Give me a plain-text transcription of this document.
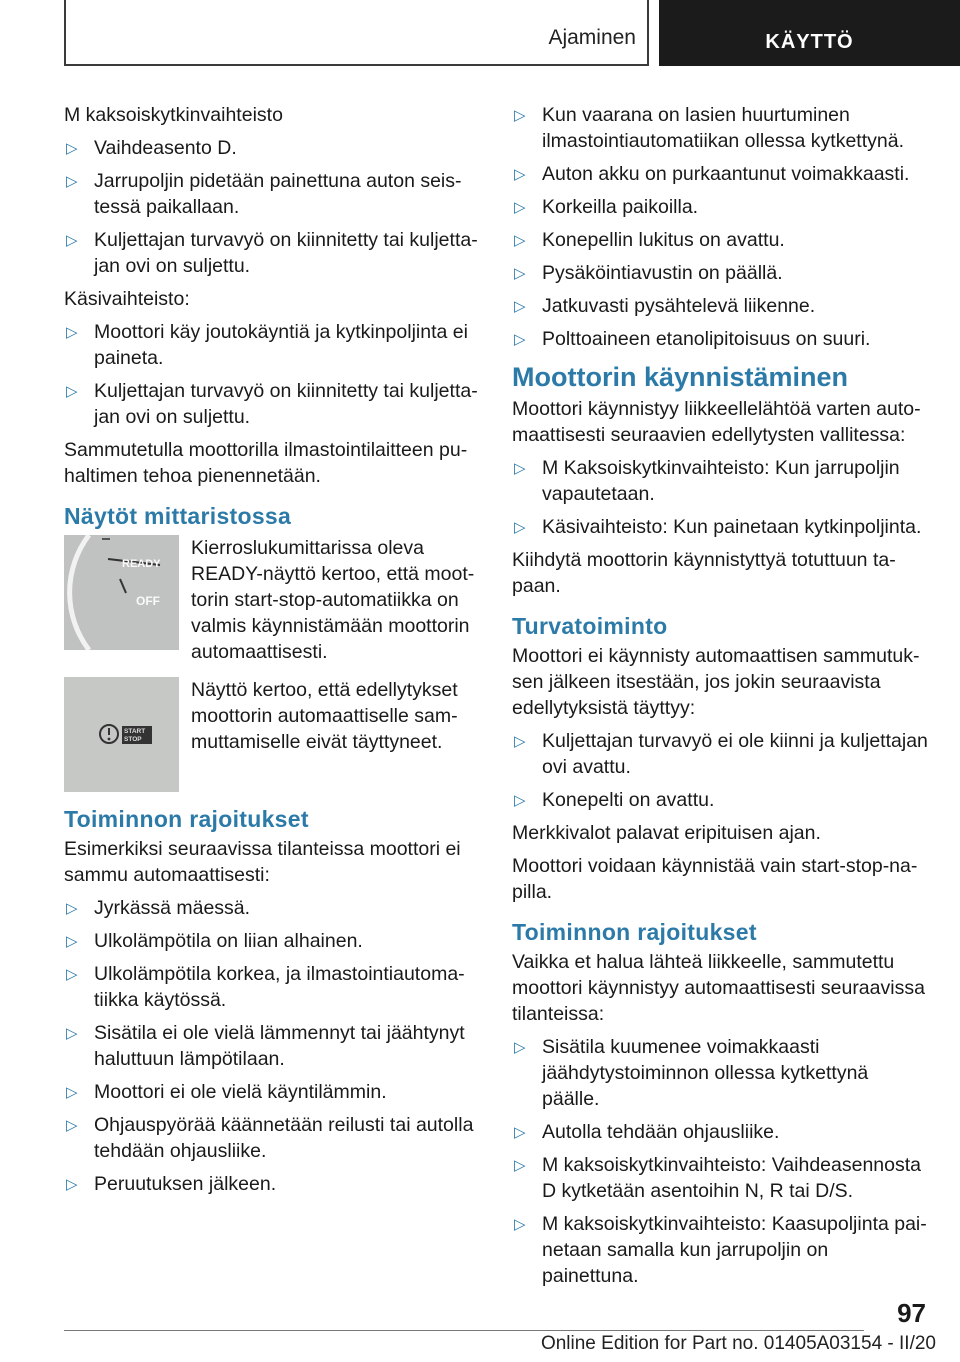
Ajaminen	KÄYTTÖ

M kaksoiskytkinvaihteisto

▷ Vaihdeasento D.
▷ Jarrupoljin pidetään painettuna auton seistessä paikallaan.
▷ Kuljettajan turvavyö on kiinnitetty tai kuljettajan ovi on suljettu.

Käsivaihteisto:

▷ Moottori käy joutokäyntiä ja kytkinpoljinta ei paineta.
▷ Kuljettajan turvavyö on kiinnitetty tai kuljettajan ovi on suljettu.

Sammutetulla moottorilla ilmastointilaitteen puhaltimen tehoa pienennetään.

Näytöt mittaristossa
READY
OFF
Kierroslukumittarissa oleva READY-näyttö kertoo, että moottorin start-stop-automatiikka on valmis käynnistämään moottorin automaattisesti.
START
STOP
Näyttö kertoo, että edellytykset moottorin automaattiselle sammuttamiselle eivät täyttyneet.
Toiminnon rajoitukset

Esimerkiksi seuraavissa tilanteissa moottori ei sammu automaattisesti:

▷ Jyrkässä mäessä.
▷ Ulkolämpötila on liian alhainen.
▷ Ulkolämpötila korkea, ja ilmastointiautomatiikka käytössä.
▷ Sisätila ei ole vielä lämmennyt tai jäähtynyt haluttuun lämpötilaan.
▷ Moottori ei ole vielä käyntilämmin.
▷ Ohjauspyörää käännetään reilusti tai autolla tehdään ohjausliike.
▷ Peruutuksen jälkeen.
▷ Kun vaarana on lasien huurtuminen ilmastointiautomatiikan ollessa kytkettynä.
▷ Auton akku on purkaantunut voimakkaasti.
▷ Korkeilla paikoilla.
▷ Konepellin lukitus on avattu.
▷ Pysäköintiavustin on päällä.
▷ Jatkuvasti pysähtelevä liikenne.
▷ Polttoaineen etanolipitoisuus on suuri.
Moottorin käynnistäminen

Moottori käynnistyy liikkeellelähtöä varten automaattisesti seuraavien edellytysten vallitessa:

▷ M Kaksoiskytkinvaihteisto: Kun jarrupoljin vapautetaan.
▷ Käsivaihteisto: Kun painetaan kytkinpoljinta.

Kiihdytä moottorin käynnistyttyä totuttuun tapaan.

Turvatoiminto

Moottori ei käynnisty automaattisen sammutuksen jälkeen itsestään, jos jokin seuraavista edellytyksistä täyttyy:

▷ Kuljettajan turvavyö ei ole kiinni ja kuljettajan ovi avattu.
▷ Konepelti on avattu.

Merkkivalot palavat eripituisen ajan.

Moottori voidaan käynnistää vain start-stop-napilla.

Toiminnon rajoitukset

Vaikka et halua lähteä liikkeelle, sammutettu moottori käynnistyy automaattisesti seuraavissa tilanteissa:

▷ Sisätila kuumenee voimakkaasti jäähdytystoiminnon ollessa kytkettynä päälle.
▷ Autolla tehdään ohjausliike.
▷ M kaksoiskytkinvaihteisto: Vaihdeasennosta D kytketään asentoihin N, R tai D/S.
▷ M kaksoiskytkinvaihteisto: Kaasupoljinta painetaan samalla kun jarrupoljin on painettuna.
97
Online Edition for Part no. 01405A03154 - II/20
